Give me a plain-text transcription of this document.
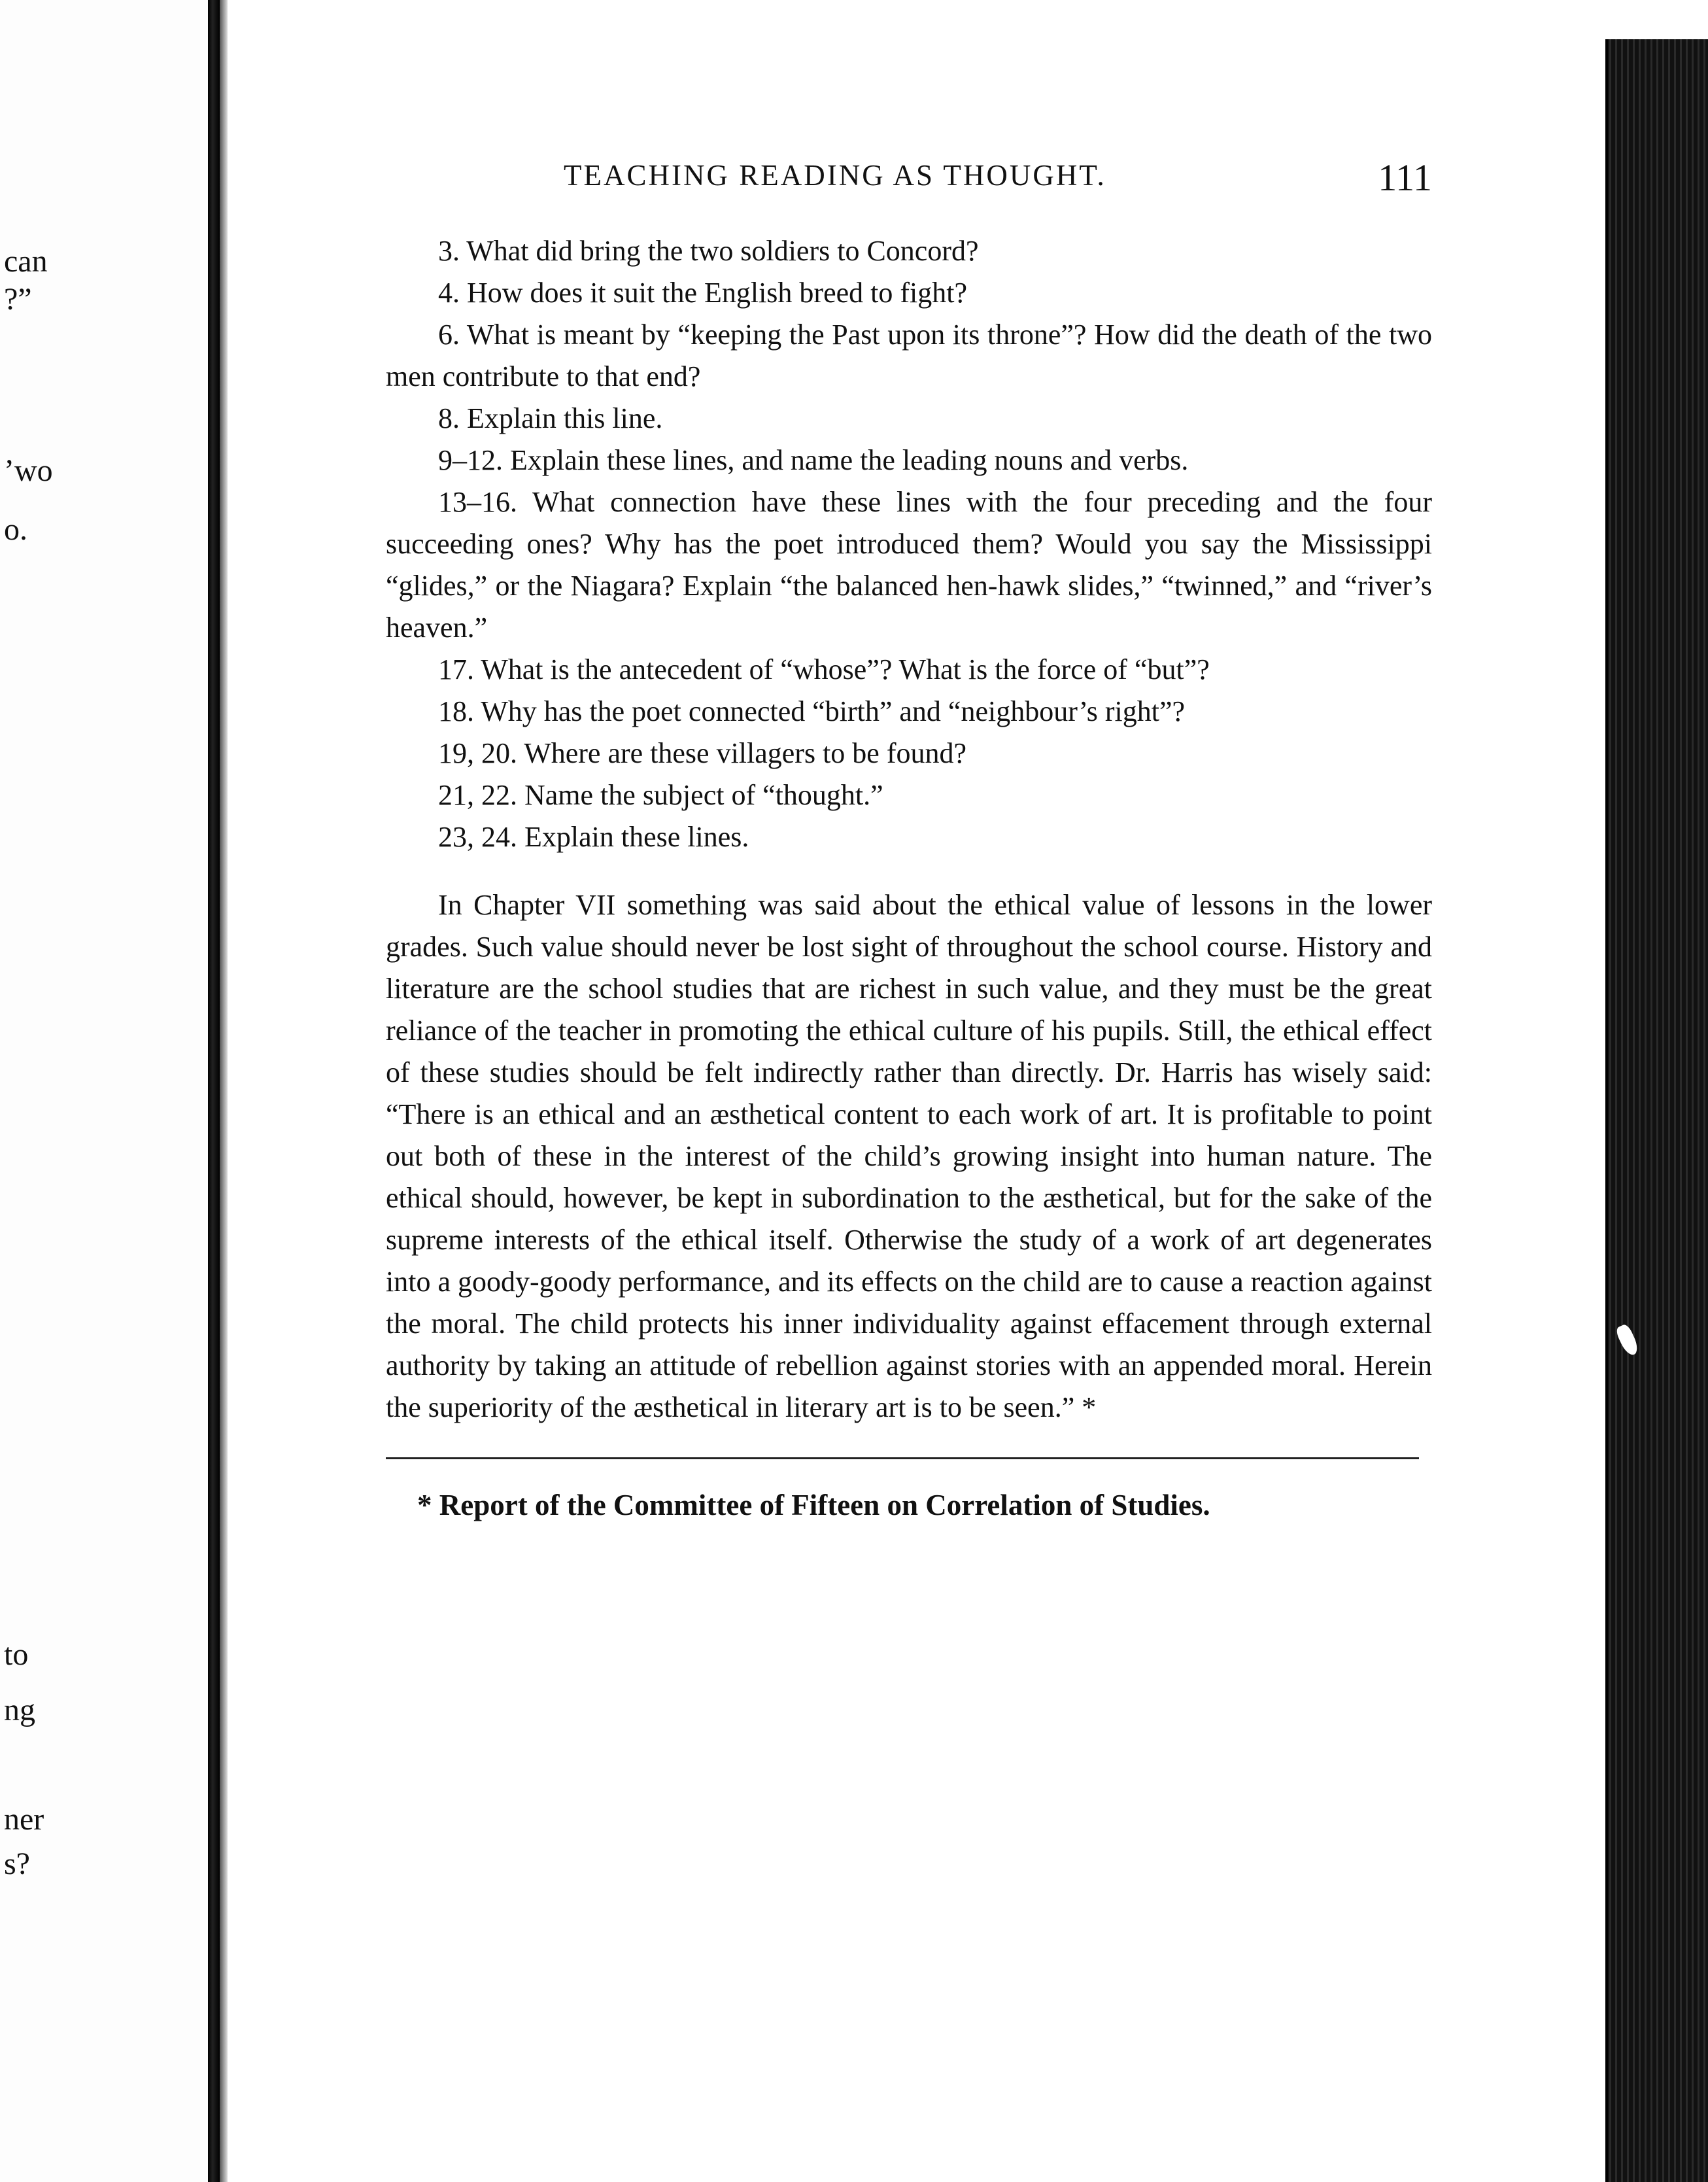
can
?”
’wo
o.
to
ng
ner
s?
TEACHING READING AS THOUGHT.	111
3. What did bring the two soldiers to Concord?
4. How does it suit the English breed to fight?
6. What is meant by “keeping the Past upon its throne”? How did the death of the two men contribute to that end?
8. Explain this line.
9–12. Explain these lines, and name the leading nouns and verbs.
13–16. What connection have these lines with the four preceding and the four succeeding ones? Why has the poet introduced them? Would you say the Mississippi “glides,” or the Niagara? Explain “the balanced hen-hawk slides,” “twinned,” and “river’s heaven.”
17. What is the antecedent of “whose”? What is the force of “but”?
18. Why has the poet connected “birth” and “neighbour’s right”?
19, 20. Where are these villagers to be found?
21, 22. Name the subject of “thought.”
23, 24. Explain these lines.

In Chapter VII something was said about the ethical value of lessons in the lower grades. Such value should never be lost sight of throughout the school course. History and literature are the school studies that are richest in such value, and they must be the great reliance of the teacher in promoting the ethical culture of his pupils. Still, the ethical effect of these studies should be felt indirectly rather than directly. Dr. Harris has wisely said: “There is an ethical and an æsthetical content to each work of art. It is profitable to point out both of these in the interest of the child’s growing insight into human nature. The ethical should, however, be kept in subordination to the æsthetical, but for the sake of the supreme interests of the ethical itself. Otherwise the study of a work of art degenerates into a goody-goody performance, and its effects on the child are to cause a reaction against the moral. The child protects his inner individuality against effacement through external authority by taking an attitude of rebellion against stories with an appended moral. Herein the superiority of the æsthetical in literary art is to be seen.” *

* Report of the Committee of Fifteen on Correlation of Studies.
